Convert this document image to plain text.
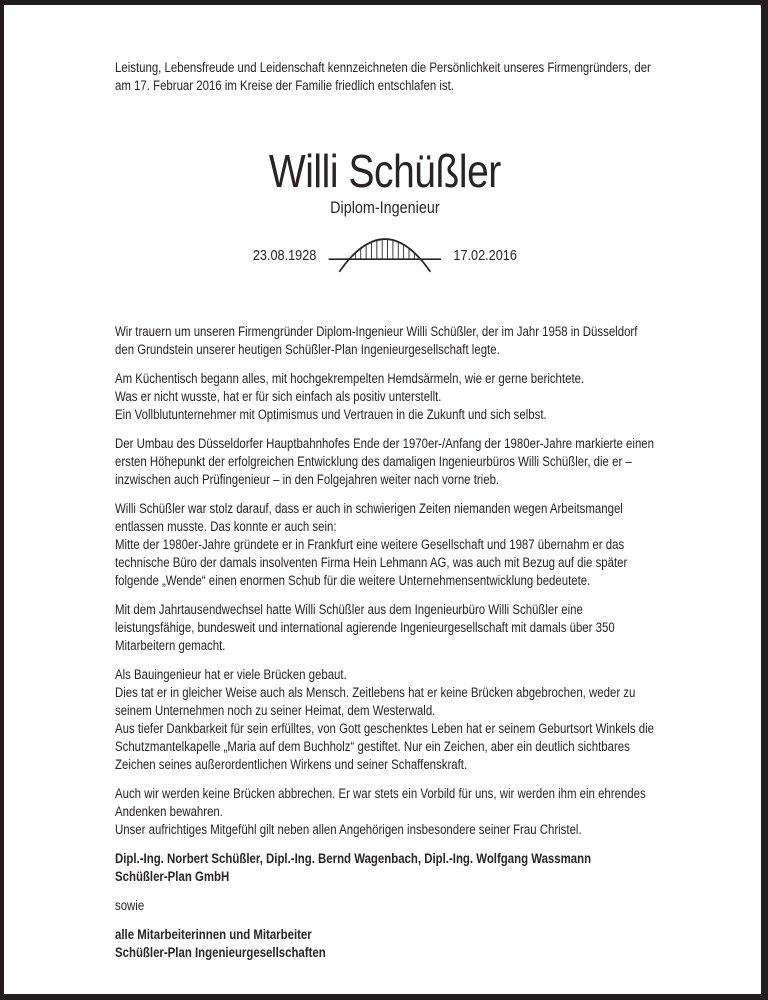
Leistung, Lebensfreude und Leidenschaft kennzeichneten die Persönlichkeit unseres Firmengründers, der am 17. Februar 2016 im Kreise der Familie friedlich entschlafen ist.

Willi Schüßler
Diplom-Ingenieur
23.08.1928	17.02.2016
Wir trauern um unseren Firmengründer Diplom-Ingenieur Willi Schüßler, der im Jahr 1958 in Düsseldorf den Grundstein unserer heutigen Schüßler-Plan Ingenieurgesellschaft legte.
Am Küchentisch begann alles, mit hochgekrempelten Hemdsärmeln, wie er gerne berichtete.
Was er nicht wusste, hat er für sich einfach als positiv unterstellt.
Ein Vollblutunternehmer mit Optimismus und Vertrauen in die Zukunft und sich selbst.
Der Umbau des Düsseldorfer Hauptbahnhofes Ende der 1970er-/Anfang der 1980er-Jahre markierte einen ersten Höhepunkt der erfolgreichen Entwicklung des damaligen Ingenieurbüros Willi Schüßler, die er – inzwischen auch Prüfingenieur – in den Folgejahren weiter nach vorne trieb.
Willi Schüßler war stolz darauf, dass er auch in schwierigen Zeiten niemanden wegen Arbeitsmangel entlassen musste. Das konnte er auch sein:
Mitte der 1980er-Jahre gründete er in Frankfurt eine weitere Gesellschaft und 1987 übernahm er das technische Büro der damals insolventen Firma Hein Lehmann AG, was auch mit Bezug auf die später folgende „Wende“ einen enormen Schub für die weitere Unternehmensentwicklung bedeutete.
Mit dem Jahrtausendwechsel hatte Willi Schüßler aus dem Ingenieurbüro Willi Schüßler eine leistungsfähige, bundesweit und international agierende Ingenieurgesellschaft mit damals über 350 Mitarbeitern gemacht.
Als Bauingenieur hat er viele Brücken gebaut.
Dies tat er in gleicher Weise auch als Mensch. Zeitlebens hat er keine Brücken abgebrochen, weder zu seinem Unternehmen noch zu seiner Heimat, dem Westerwald.
Aus tiefer Dankbarkeit für sein erfülltes, von Gott geschenktes Leben hat er seinem Geburtsort Winkels die Schutzmantelkapelle „Maria auf dem Buchholz“ gestiftet. Nur ein Zeichen, aber ein deutlich sichtbares Zeichen seines außerordentlichen Wirkens und seiner Schaffenskraft.
Auch wir werden keine Brücken abbrechen. Er war stets ein Vorbild für uns, wir werden ihm ein ehrendes Andenken bewahren.
Unser aufrichtiges Mitgefühl gilt neben allen Angehörigen insbesondere seiner Frau Christel.
Dipl.-Ing. Norbert Schüßler, Dipl.-Ing. Bernd Wagenbach, Dipl.-Ing. Wolfgang Wassmann
Schüßler-Plan GmbH
sowie
alle Mitarbeiterinnen und Mitarbeiter
Schüßler-Plan Ingenieurgesellschaften
